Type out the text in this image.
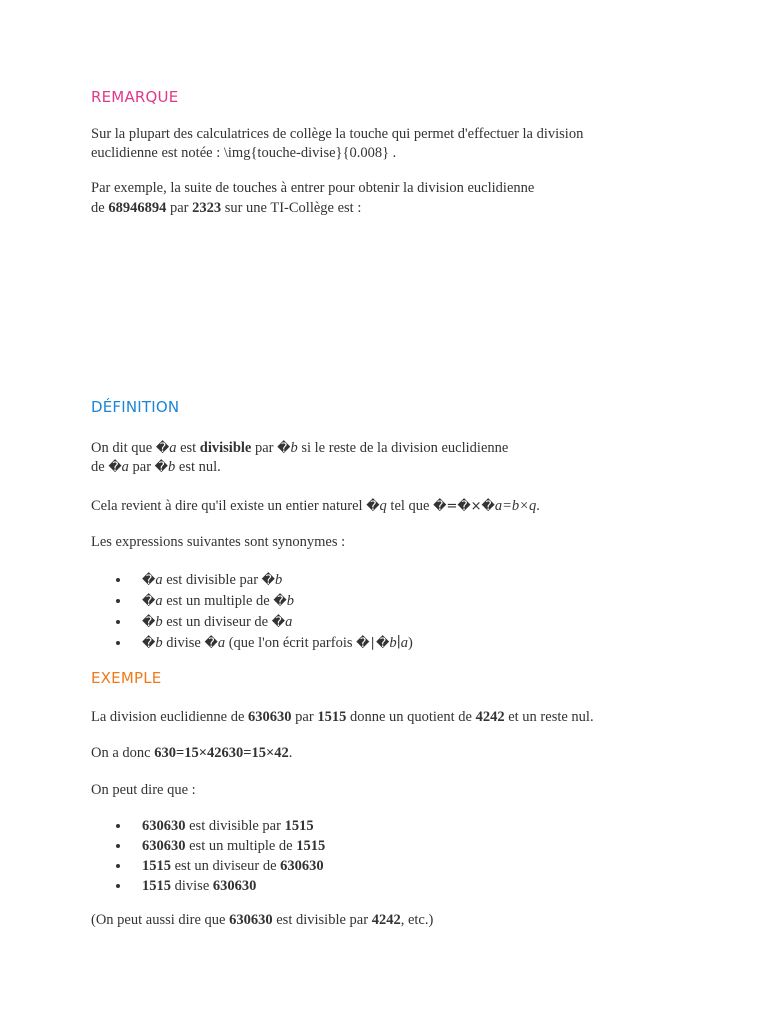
REMARQUE

Sur la plupart des calculatrices de collège la touche qui permet d'effectuer la division

euclidienne est notée : \img{touche-divise}{0.008} .

Par exemple, la suite de touches à entrer pour obtenir la division euclidienne

de 68946894 par 2323 sur une TI-Collège est :

DÉFINITION

On dit que �a est divisible par �b si le reste de la division euclidienne

de �a par �b est nul.

Cela revient à dire qu'il existe un entier naturel �q tel que �=�×�a=b×q.

Les expressions suivantes sont synonymes :

�a est divisible par �b
�a est un multiple de �b
�b est un diviseur de �a
�b divise �a (que l'on écrit parfois �∣�b∣a)
EXEMPLE

La division euclidienne de 630630 par 1515 donne un quotient de 4242 et un reste nul.

On a donc 630=15×42630=15×42.

On peut dire que :

630630 est divisible par 1515
630630 est un multiple de 1515
1515 est un diviseur de 630630
1515 divise 630630

(On peut aussi dire que 630630 est divisible par 4242, etc.)
